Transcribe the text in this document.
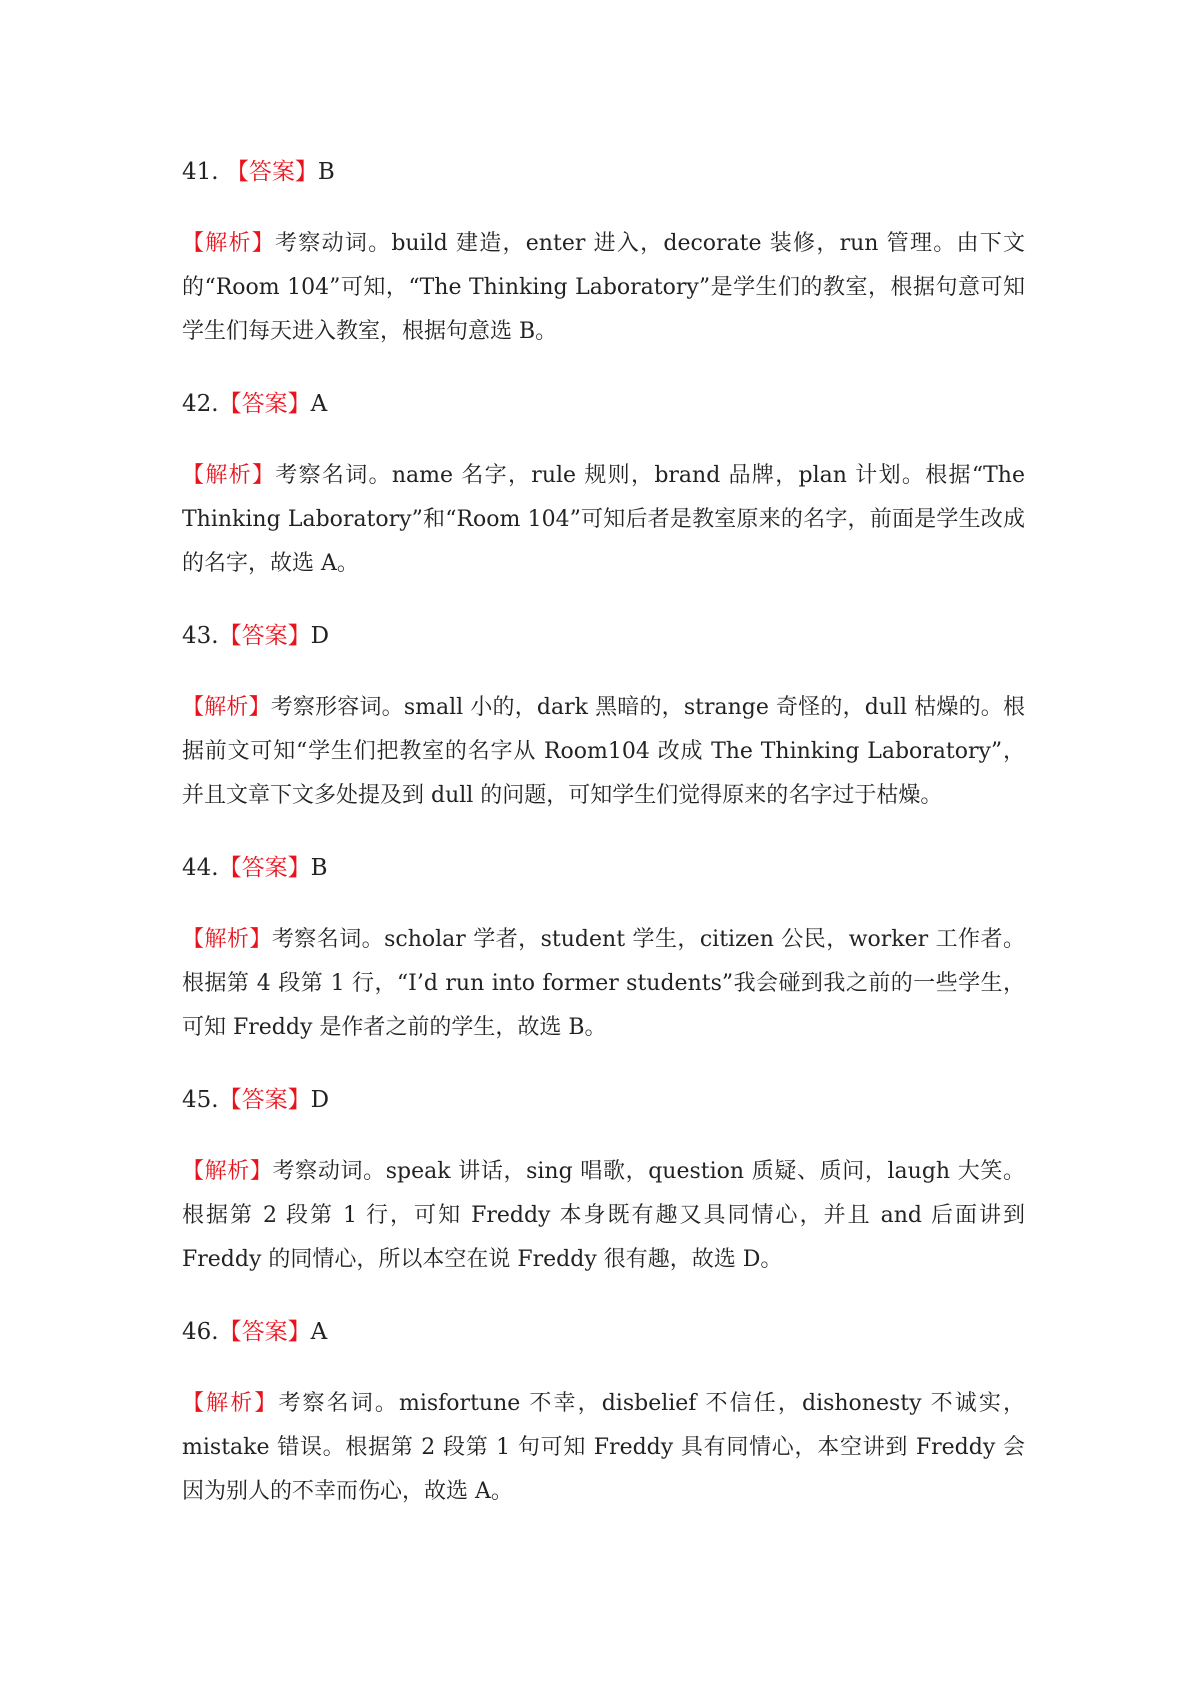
41. 【答案】B

【解析】考察动词。build 建造，enter 进入，decorate 装修，run 管理。由下文的“Room 104”可知，“The Thinking Laboratory”是学生们的教室，根据句意可知学生们每天进入教室，根据句意选 B。

42.【答案】A

【解析】考察名词。name 名字，rule 规则，brand 品牌，plan 计划。根据“The Thinking Laboratory”和“Room 104”可知后者是教室原来的名字，前面是学生改成的名字，故选 A。

43.【答案】D

【解析】考察形容词。small 小的，dark 黑暗的，strange 奇怪的，dull 枯燥的。根据前文可知“学生们把教室的名字从 Room104 改成 The Thinking Laboratory”，并且文章下文多处提及到 dull 的问题，可知学生们觉得原来的名字过于枯燥。

44.【答案】B

【解析】考察名词。scholar 学者，student 学生，citizen 公民，worker 工作者。根据第 4 段第 1 行，“I’d run into former students”我会碰到我之前的一些学生，可知 Freddy 是作者之前的学生，故选 B。

45.【答案】D

【解析】考察动词。speak 讲话，sing 唱歌，question 质疑、质问，laugh 大笑。根据第 2 段第 1 行，可知 Freddy 本身既有趣又具同情心，并且 and 后面讲到 Freddy 的同情心，所以本空在说 Freddy 很有趣，故选 D。

46.【答案】A

【解析】考察名词。misfortune 不幸，disbelief 不信任，dishonesty 不诚实，mistake 错误。根据第 2 段第 1 句可知 Freddy 具有同情心，本空讲到 Freddy 会因为别人的不幸而伤心，故选 A。
